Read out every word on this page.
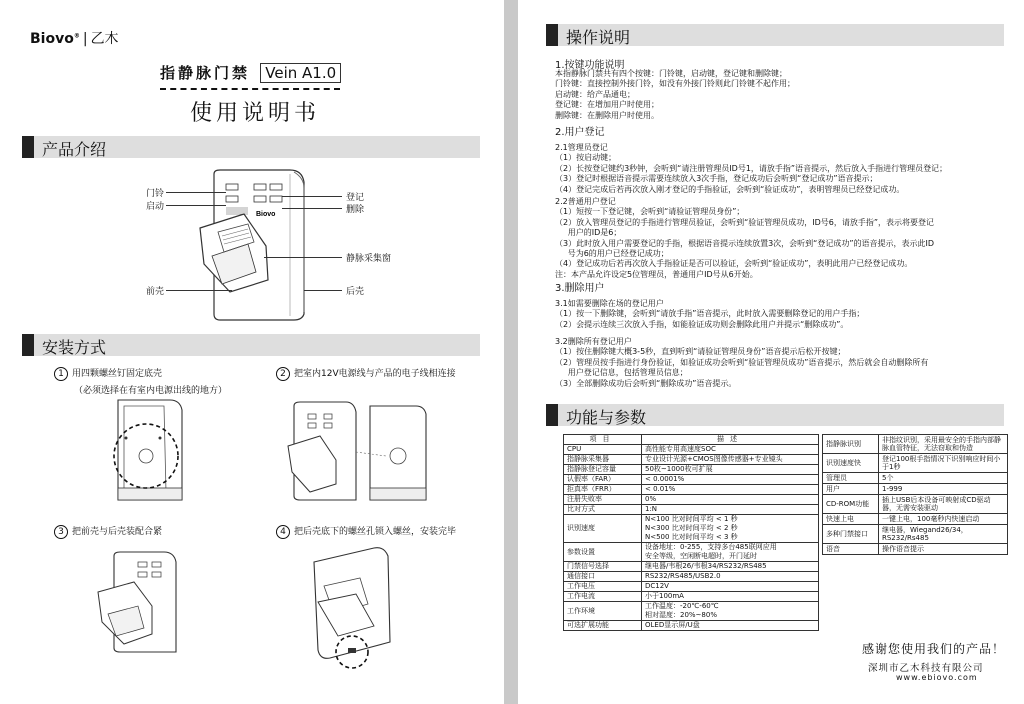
Biovo® | 乙木
指静脉门禁 Vein A1.0
使用说明书
产品介绍
Biovo
门铃
启动
登记
删除
静脉采集窗
前壳	后壳
安装方式
1 用四颗螺丝钉固定底壳
（必须选择在有室内电源出线的地方）
2 把室内12V电源线与产品的电子线相连接
3 把前壳与后壳装配合紧	4 把后壳底下的螺丝孔锁入螺丝，安装完毕
操作说明
1.按键功能说明
本指静脉门禁共有四个按键：门铃键，启动键，登记键和删除键；
门铃键：直接控制外接门铃，如没有外接门铃则此门铃键不起作用；
启动键：给产品通电；
登记键：在增加用户时使用；
删除键：在删除用户时使用。
2.用户登记
2.1管理员登记
（1）按启动键；
（2）长按登记键约3秒钟，会听到“请注册管理员ID号1，请放手指”语音提示，然后放入手指进行管理员登记；
（3）登记时根据语音提示需要连续放入3次手指，登记成功后会听到“登记成功”语音提示；
（4）登记完成后若再次放入刚才登记的手指验证，会听到“验证成功”，表明管理员已经登记成功。
2.2普通用户登记
（1）短按一下登记键，会听到“请验证管理员身份”；
（2）放入管理员登记的手指进行管理员验证，会听到“验证管理员成功，ID号6，请放手指”，表示将要登记
用户的ID是6；
（3）此时放入用户需要登记的手指，根据语音提示连续放置3次，会听到“登记成功”的语音提示，表示此ID
号为6的用户已经登记成功；
（4）登记成功后若再次放入手指验证是否可以验证，会听到“验证成功”，表明此用户已经登记成功。
注：本产品允许设定5位管理员，普通用户ID号从6开始。
3.删除用户
3.1如需要删除在场的登记用户
（1）按一下删除键，会听到“请放手指”语音提示，此时放入需要删除登记的用户手指；
（2）会提示连续三次放入手指，如能验证成功则会删除此用户并提示“删除成功”。
3.2删除所有登记用户
（1）按住删除键大概3-5秒，直到听到“请验证管理员身份”语音提示后松开按键；
（2）管理员按手指进行身份验证，如验证成功会听到“验证管理员成功”语音提示，然后就会自动删除所有
用户登记信息，包括管理员信息；
（3）全部删除成功后会听到“删除成功”语音提示。
功能与参数
项目	描述
CPU	高性能专用高速度SOC
指静脉采集器	专业设计光源+CMOS图像传感器+专业镜头
指静脉登记容量	50枚~1000枚可扩展
认假率（FAR）	< 0.0001%
拒真率（FRR）	< 0.01%
注册失败率	0%
比对方式	1:N
识别速度	N<100 比对时间平均 < 1 秒
N<300 比对时间平均 < 2 秒
N<500 比对时间平均 < 3 秒
参数设置	设备地址：0-255，支持多台485联网应用
安全等级，空闲断电超时，开门延时
门禁信号选择	继电器/韦根26/韦根34/RS232/RS485
通信接口	RS232/RS485/USB2.0
工作电压	DC12V
工作电流	小于100mA
工作环境	工作温度：-20℃-60℃
相对湿度：20%~80%
可选扩展功能	OLED显示屏/U盘
指静脉识别	非指纹识别，采用最安全的手指内部静脉血管特征，无法窃取和伪造
识别速度快	登记100根手指情况下识别响应时间小于1秒
管理员	5个
用户	1-999
CD-ROM功能	插上USB后本设备可映射成CD驱动器，无需安装驱动
快速上电	一键上电，100毫秒内快速启动
多种门禁接口	继电器，Wiegand26/34，RS232/Rs485
语音	操作语音提示
感谢您使用我们的产品！
深圳市乙木科技有限公司
www.ebiovo.com
